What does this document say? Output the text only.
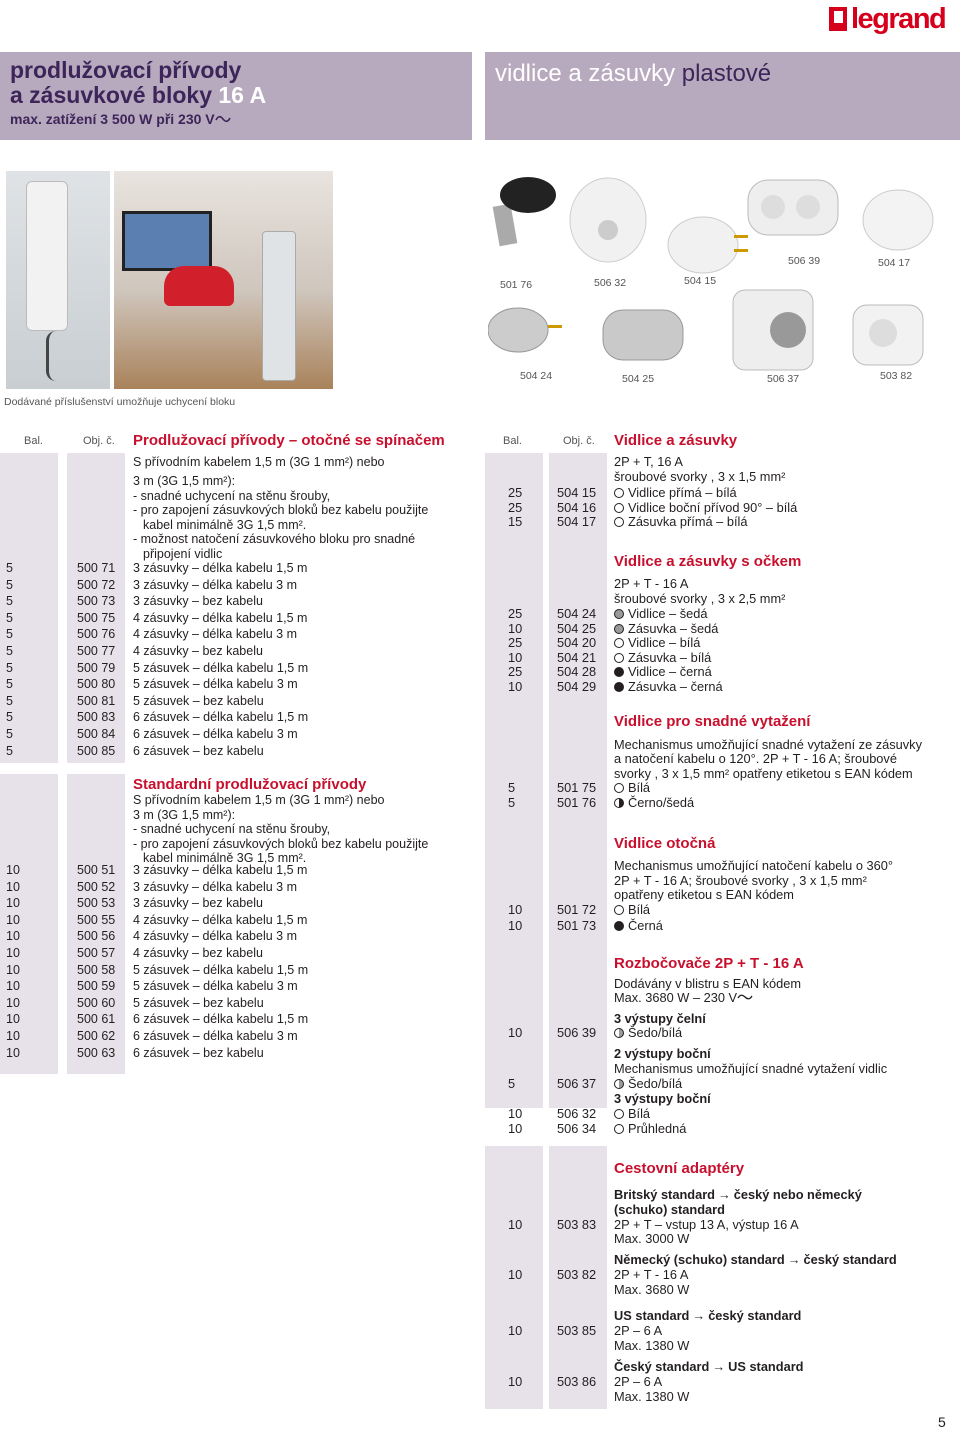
legrand
prodlužovací přívody
a zásuvkové bloky 16 A
max. zatížení 3 500 W při 230 V
vidlice a zásuvky plastové
Dodávané příslušenství umožňuje uchycení bloku
501 76	506 32	504 15
506 39	504 17
504 24	504 25	506 37	503 82
Bal.	Obj. č. Prodlužovací přívody – otočné se spínačem
S přívodním kabelem 1,5 m (3G 1 mm²) nebo
3 m (3G 1,5 mm²):
- snadné uchycení na stěnu šrouby,
- pro zapojení zásuvkových bloků bez kabelu použijte
kabel minimálně 3G 1,5 mm².
- možnost natočení zásuvkového bloku pro snadné
připojení vidlic
5	500 71 3 zásuvky – délka kabelu 1,5 m
5	500 72 3 zásuvky – délka kabelu 3 m
5	500 73 3 zásuvky – bez kabelu
5	500 75 4 zásuvky – délka kabelu 1,5 m
5	500 76 4 zásuvky – délka kabelu 3 m
5	500 77 4 zásuvky – bez kabelu
5	500 79 5 zásuvek – délka kabelu 1,5 m
5	500 80 5 zásuvek – délka kabelu 3 m
5	500 81 5 zásuvek – bez kabelu
5	500 83 6 zásuvek – délka kabelu 1,5 m
5	500 84 6 zásuvek – délka kabelu 3 m
5	500 85 6 zásuvek – bez kabelu
Standardní prodlužovací přívody
S přívodním kabelem 1,5 m (3G 1 mm²) nebo
3 m (3G 1,5 mm²):
- snadné uchycení na stěnu šrouby,
- pro zapojení zásuvkových bloků bez kabelu použijte
kabel minimálně 3G 1,5 mm².
10	500 51 3 zásuvky – délka kabelu 1,5 m
10	500 52 3 zásuvky – délka kabelu 3 m
10	500 53 3 zásuvky – bez kabelu
10	500 55 4 zásuvky – délka kabelu 1,5 m
10	500 56 4 zásuvky – délka kabelu 3 m
10	500 57 4 zásuvky – bez kabelu
10	500 58 5 zásuvek – délka kabelu 1,5 m
10	500 59 5 zásuvek – délka kabelu 3 m
10	500 60 5 zásuvek – bez kabelu
10	500 61 6 zásuvek – délka kabelu 1,5 m
10	500 62 6 zásuvek – délka kabelu 3 m
10	500 63 6 zásuvek – bez kabelu
Bal.	Obj. č. Vidlice a zásuvky
2P + T, 16 A
šroubové svorky , 3 x 1,5 mm²
25	504 15	Vidlice přímá – bílá
25	504 16	Vidlice boční přívod 90° – bílá
15	504 17	Zásuvka přímá – bílá
Vidlice a zásuvky s očkem
2P + T - 16 A
šroubové svorky , 3 x 2,5 mm²
25	504 24	Vidlice – šedá
10	504 25	Zásuvka – šedá
25	504 20	Vidlice – bílá
10	504 21	Zásuvka – bílá
25	504 28	Vidlice – černá
10	504 29	Zásuvka – černá
Vidlice pro snadné vytažení
Mechanismus umožňující snadné vytažení ze zásuvky
a natočení kabelu o 120°. 2P + T - 16 A; šroubové
svorky , 3 x 1,5 mm² opatřeny etiketou s EAN kódem
5	501 75	Bílá
5	501 76	Černo/šedá
Vidlice otočná
Mechanismus umožňující natočení kabelu o 360°
2P + T - 16 A; šroubové svorky , 3 x 1,5 mm²
opatřeny etiketou s EAN kódem
10	501 72	Bílá
10	501 73	Černá
Rozbočovače 2P + T - 16 A
Dodávány v blistru s EAN kódem
Max. 3680 W – 230 V
3 výstupy čelní
10	506 39	Šedo/bílá
2 výstupy boční
Mechanismus umožňující snadné vytažení vidlic
5	506 37	Šedo/bílá
3 výstupy boční
10	506 32	Bílá
10	506 34	Průhledná
Cestovní adaptéry
Britský standard → český nebo německý
(schuko) standard
10	503 83 2P + T – vstup 13 A, výstup 16 A
Max. 3000 W
Německý (schuko) standard → český standard
10	503 82 2P + T - 16 A
Max. 3680 W
US standard → český standard
10	503 85 2P – 6 A
Max. 1380 W
Český standard → US standard
10	503 86 2P – 6 A
Max. 1380 W
5
